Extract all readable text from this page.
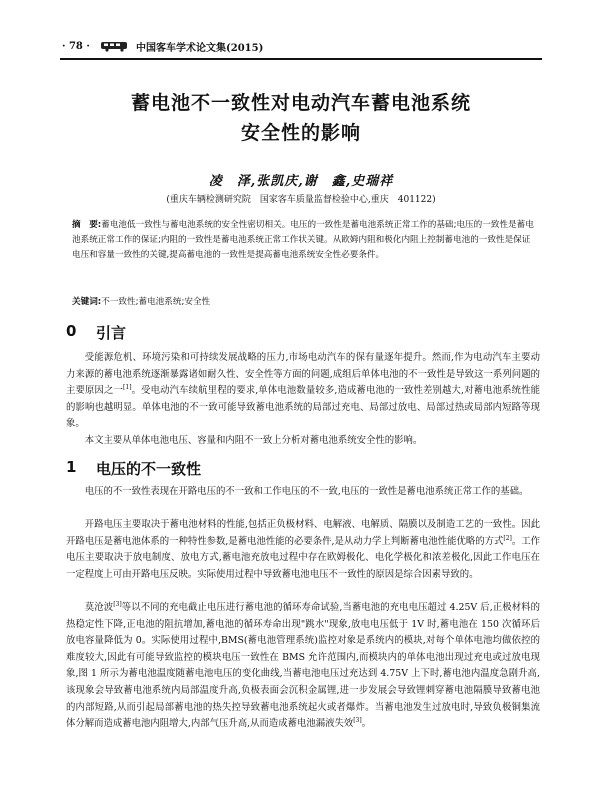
· 78 ·	中国客车学术论文集(2015)
蓄电池不一致性对电动汽车蓄电池系统
安全性的影响
凌　泽,张凯庆,谢　鑫,史瑞祥
(重庆车辆检测研究院　国家客车质量监督检验中心,重庆　401122)
摘　要:蓄电池低一致性与蓄电池系统的安全性密切相关。电压的一致性是蓄电池系统正常工作的基础;电压的一致性是蓄电池系统正常工作的保证;内阻的一致性是蓄电池系统正常工作状关键。从欧姆内阻和极化内阻上控制蓄电池的一致性是保证电压和容量一致性的关键,提高蓄电池的一致性是提高蓄电池系统安全性必要条件。
关键词:不一致性;蓄电池系统;安全性
0	引言

受能源危机、环境污染和可持续发展战略的压力,市场电动汽车的保有量逐年提升。然而,作为电动汽车主要动力来源的蓄电池系统逐渐暴露诸如耐久性、安全性等方面的问题,成组后单体电池的不一致性是导致这一系列问题的主要原因之一[1]。受电动汽车续航里程的要求,单体电池数量较多,造成蓄电池的一致性差别越大,对蓄电池系统性能的影响也越明显。单体电池的不一致可能导致蓄电池系统的局部过充电、局部过放电、局部过热或局部内短路等现象。

本文主要从单体电池电压、容量和内阻不一致上分析对蓄电池系统安全性的影响。

1	电压的不一致性

电压的不一致性表现在开路电压的不一致和工作电压的不一致,电压的一致性是蓄电池系统正常工作的基础。

开路电压主要取决于蓄电池材料的性能,包括正负极材料、电解液、电解质、隔膜以及制造工艺的一致性。因此开路电压是蓄电池体系的一种特性参数,是蓄电池性能的必要条件,是从动力学上判断蓄电池性能优略的方式[2]。工作电压主要取决于放电制度、放电方式,蓄电池充放电过程中存在欧姆极化、电化学极化和浓差极化,因此工作电压在一定程度上可由开路电压反映。实际使用过程中导致蓄电池电压不一致性的原因是综合因素导致的。

莫沧波[3]等以不同的充电截止电压进行蓄电池的循环寿命试验,当蓄电池的充电电压超过 4.25V 后,正极材料的热稳定性下降,正电池的阻抗增加,蓄电池的循环寿命出现"跳水"现象,放电电压低于 1V 时,蓄电池在 150 次循环后放电容量降低为 0。实际使用过程中,BMS(蓄电池管理系统)监控对象是系统内的模块,对每个单体电池均做依控的难度较大,因此有可能导致监控的模块电压一致性在 BMS 允许范围内,而模块内的单体电池出现过充电或过放电现象,图 1 所示为蓄电池温度随蓄电池电压的变化曲线,当蓄电池电压过充达到 4.75V 上下时,蓄电池内温度急剧升高,该现象会导致蓄电池系统内局部温度升高,负极表面会沉积金属锂,进一步发展会导致锂刺穿蓄电池隔膜导致蓄电池的内部短路,从而引起局部蓄电池的热失控导致蓄电池系统起火或者爆炸。当蓄电池发生过放电时,导致负极铜集流体分解而造成蓄电池内阻增大,内部气压升高,从而造成蓄电池漏液失效[3]。
